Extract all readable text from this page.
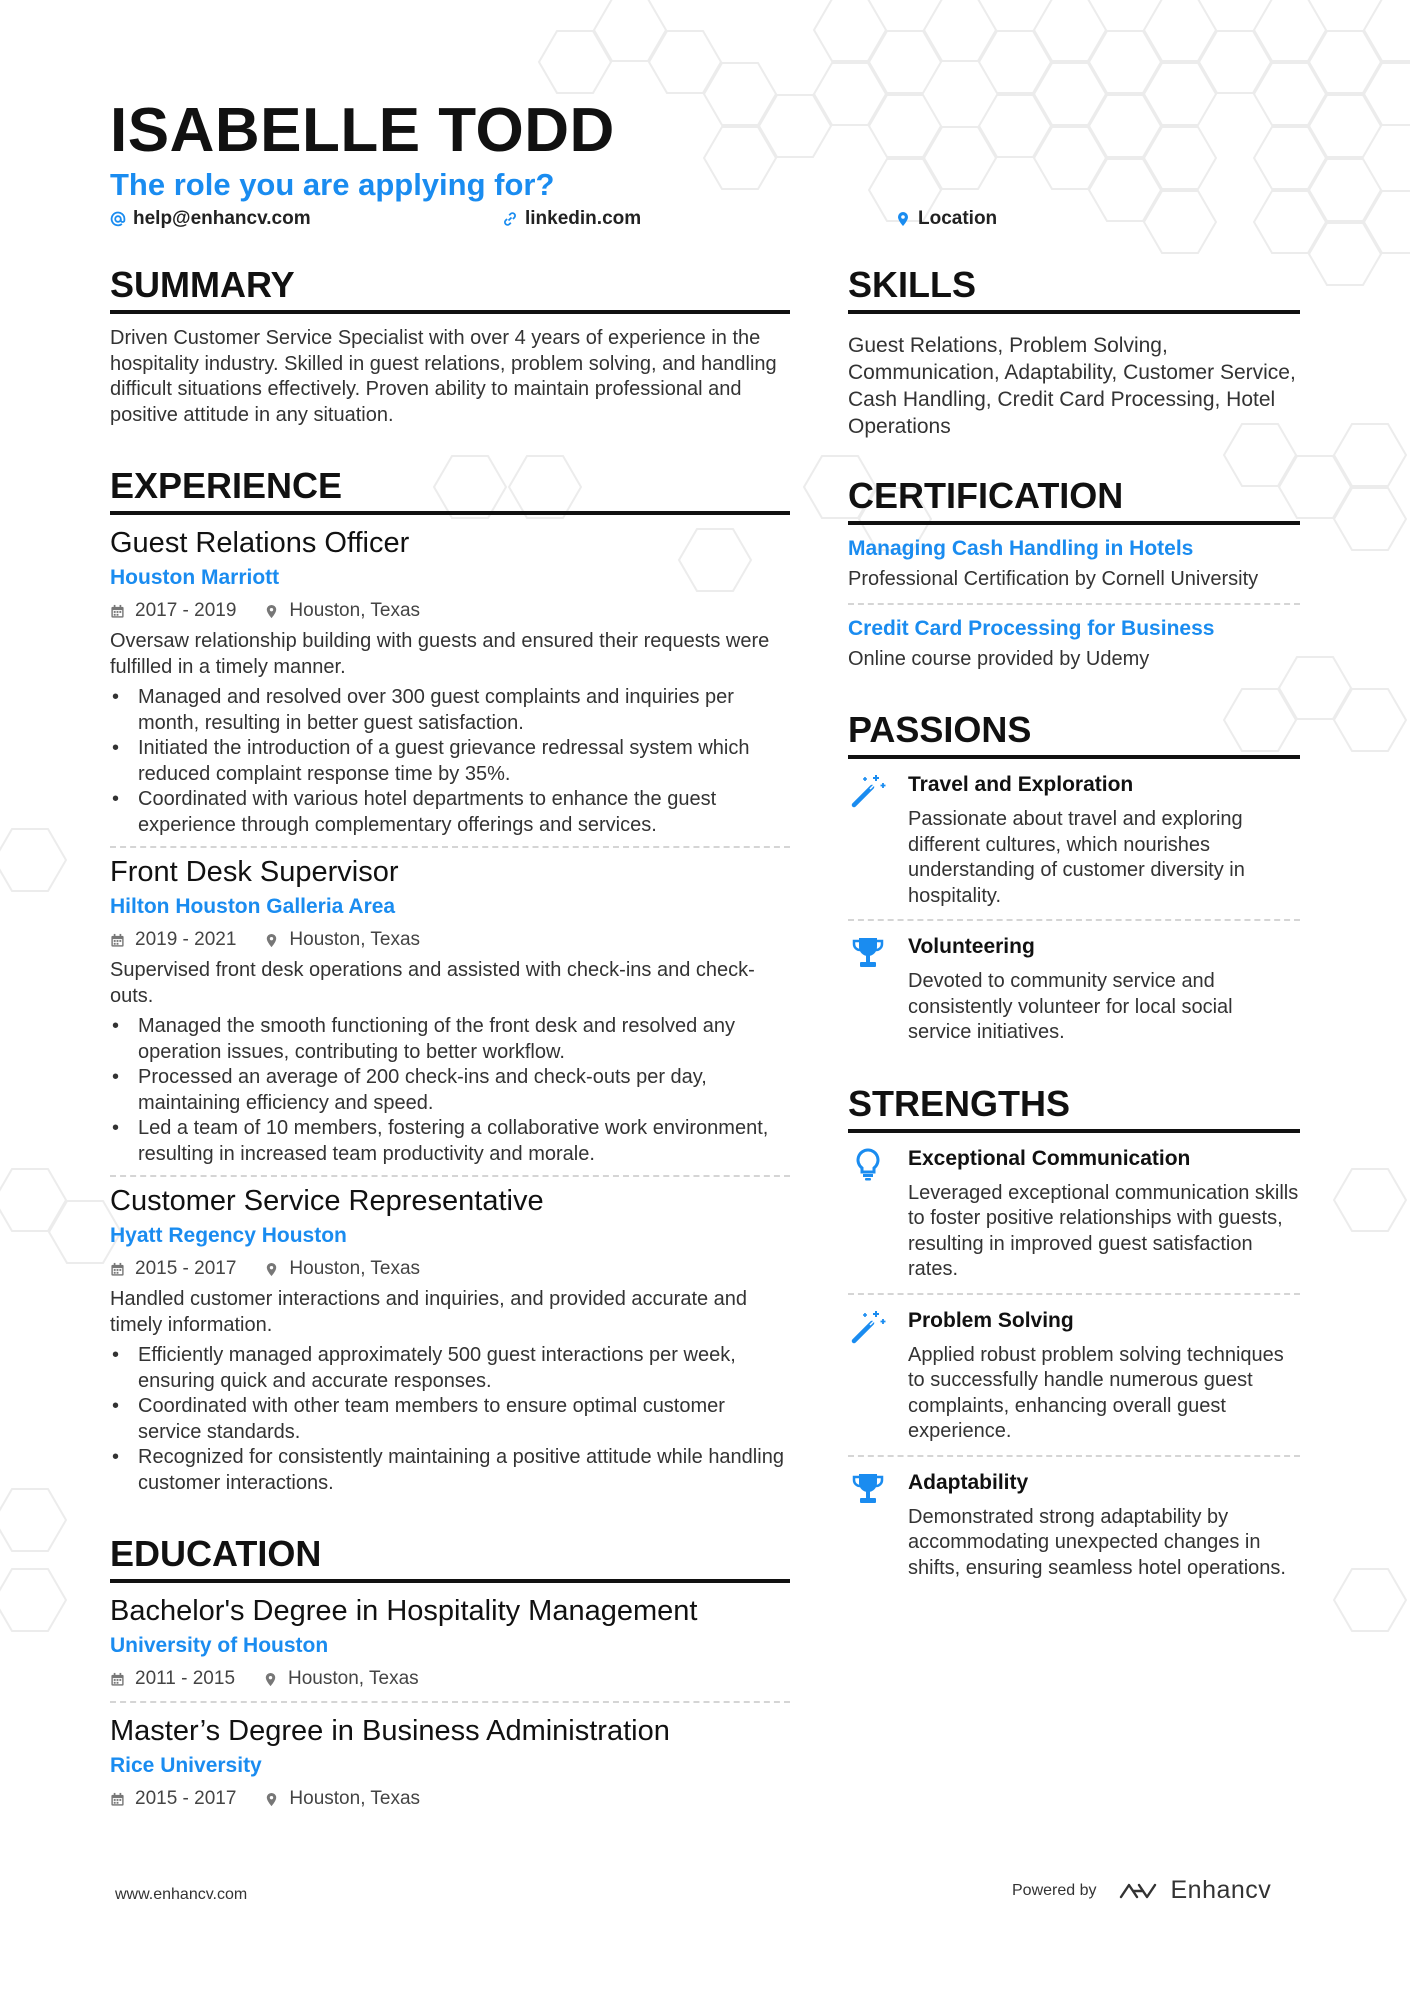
ISABELLE TODD
The role you are applying for?
help@enhancv.com	linkedin.com	Location
SUMMARY
Driven Customer Service Specialist with over 4 years of experience in the hospitality industry. Skilled in guest relations, problem solving, and handling difficult situations effectively. Proven ability to maintain professional and positive attitude in any situation.
EXPERIENCE
Guest Relations Officer
Houston Marriott
2017 - 2019	Houston, Texas
Oversaw relationship building with guests and ensured their requests were fulfilled in a timely manner.
• Managed and resolved over 300 guest complaints and inquiries per month, resulting in better guest satisfaction.
• Initiated the introduction of a guest grievance redressal system which reduced complaint response time by 35%.
• Coordinated with various hotel departments to enhance the guest experience through complementary offerings and services.
Front Desk Supervisor
Hilton Houston Galleria Area
2019 - 2021	Houston, Texas
Supervised front desk operations and assisted with check-ins and check-outs.
• Managed the smooth functioning of the front desk and resolved any operation issues, contributing to better workflow.
• Processed an average of 200 check-ins and check-outs per day, maintaining efficiency and speed.
• Led a team of 10 members, fostering a collaborative work environment, resulting in increased team productivity and morale.
Customer Service Representative
Hyatt Regency Houston
2015 - 2017	Houston, Texas
Handled customer interactions and inquiries, and provided accurate and timely information.
• Efficiently managed approximately 500 guest interactions per week, ensuring quick and accurate responses.
• Coordinated with other team members to ensure optimal customer service standards.
• Recognized for consistently maintaining a positive attitude while handling customer interactions.
EDUCATION
Bachelor's Degree in Hospitality Management
University of Houston
2011 - 2015	Houston, Texas
Master’s Degree in Business Administration
Rice University
2015 - 2017	Houston, Texas
SKILLS
Guest Relations, Problem Solving, Communication, Adaptability, Customer Service, Cash Handling, Credit Card Processing, Hotel Operations
CERTIFICATION
Managing Cash Handling in Hotels
Professional Certification by Cornell University
Credit Card Processing for Business
Online course provided by Udemy
PASSIONS
Travel and Exploration
Passionate about travel and exploring different cultures, which nourishes understanding of customer diversity in hospitality.
Volunteering
Devoted to community service and consistently volunteer for local social service initiatives.
STRENGTHS
Exceptional Communication
Leveraged exceptional communication skills to foster positive relationships with guests, resulting in improved guest satisfaction rates.
Problem Solving
Applied robust problem solving techniques to successfully handle numerous guest complaints, enhancing overall guest experience.
Adaptability
Demonstrated strong adaptability by accommodating unexpected changes in shifts, ensuring seamless hotel operations.
www.enhancv.com	Powered by	Enhancv
